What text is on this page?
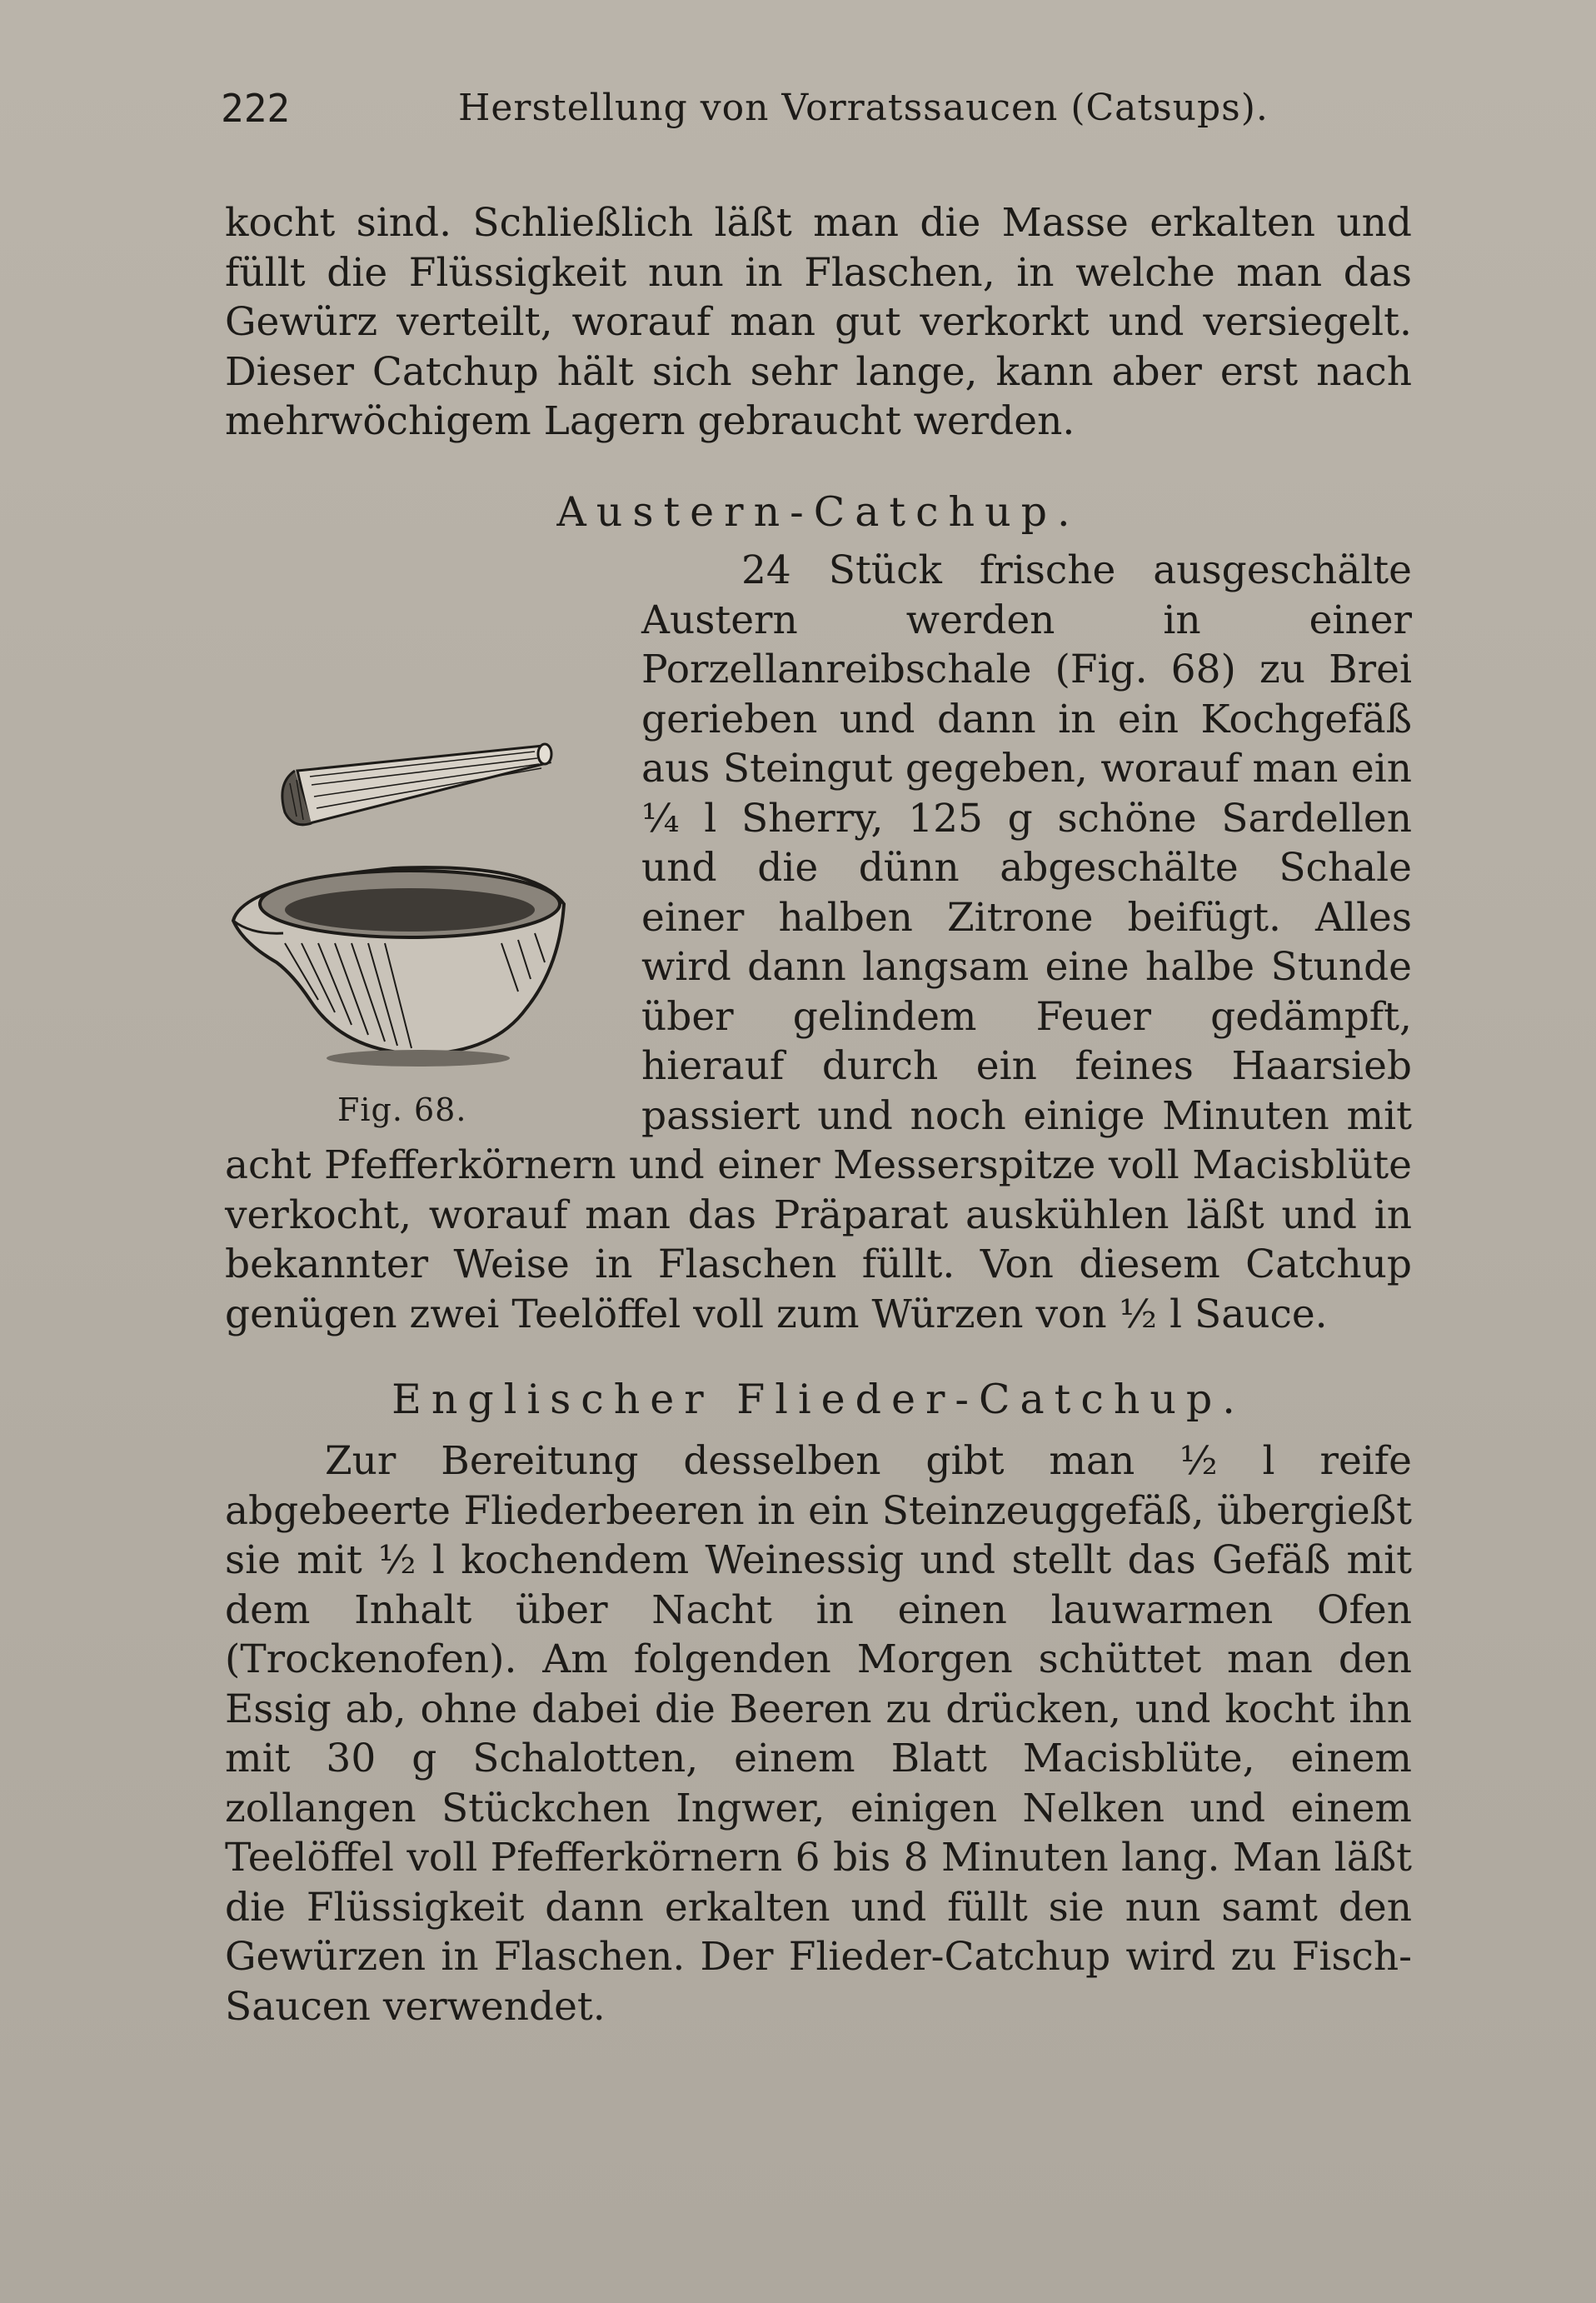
222	Herstellung von Vorratssaucen (Catsups).
kocht sind. Schließlich läßt man die Masse erkalten und füllt die Flüssigkeit nun in Flaschen, in welche man das Gewürz verteilt, worauf man gut verkorkt und versiegelt. Dieser Catchup hält sich sehr lange, kann aber erst nach mehrwöchigem Lagern gebraucht werden.
Austern-Catchup.
24 Stück frische ausgeschälte Austern werden in einer Porzellanreibschale (Fig. 68) zu Brei gerieben und dann in ein Kochgefäß aus Steingut gegeben, worauf man ein ¼ l Sherry, 125 g schöne Sardellen und die dünn abgeschälte Schale einer halben Zitrone beifügt. Alles wird dann langsam eine halbe Stunde über gelindem Feuer gedämpft, hierauf durch ein feines Haarsieb passiert und noch einige Minuten mit acht Pfefferkörnern und einer Messerspitze voll Macisblüte verkocht, worauf man das Präparat auskühlen läßt und in bekannter Weise in Flaschen füllt. Von diesem Catchup genügen zwei Teelöffel voll zum Würzen von ½ l Sauce.
Fig. 68.
Englischer Flieder-Catchup.
Zur Bereitung desselben gibt man ½ l reife abgebeerte Fliederbeeren in ein Steinzeuggefäß, übergießt sie mit ½ l kochendem Weinessig und stellt das Gefäß mit dem Inhalt über Nacht in einen lauwarmen Ofen (Trockenofen). Am folgenden Morgen schüttet man den Essig ab, ohne dabei die Beeren zu drücken, und kocht ihn mit 30 g Schalotten, einem Blatt Macisblüte, einem zollangen Stückchen Ingwer, einigen Nelken und einem Teelöffel voll Pfefferkörnern 6 bis 8 Minuten lang. Man läßt die Flüssigkeit dann erkalten und füllt sie nun samt den Gewürzen in Flaschen. Der Flieder-Catchup wird zu Fisch-Saucen verwendet.
